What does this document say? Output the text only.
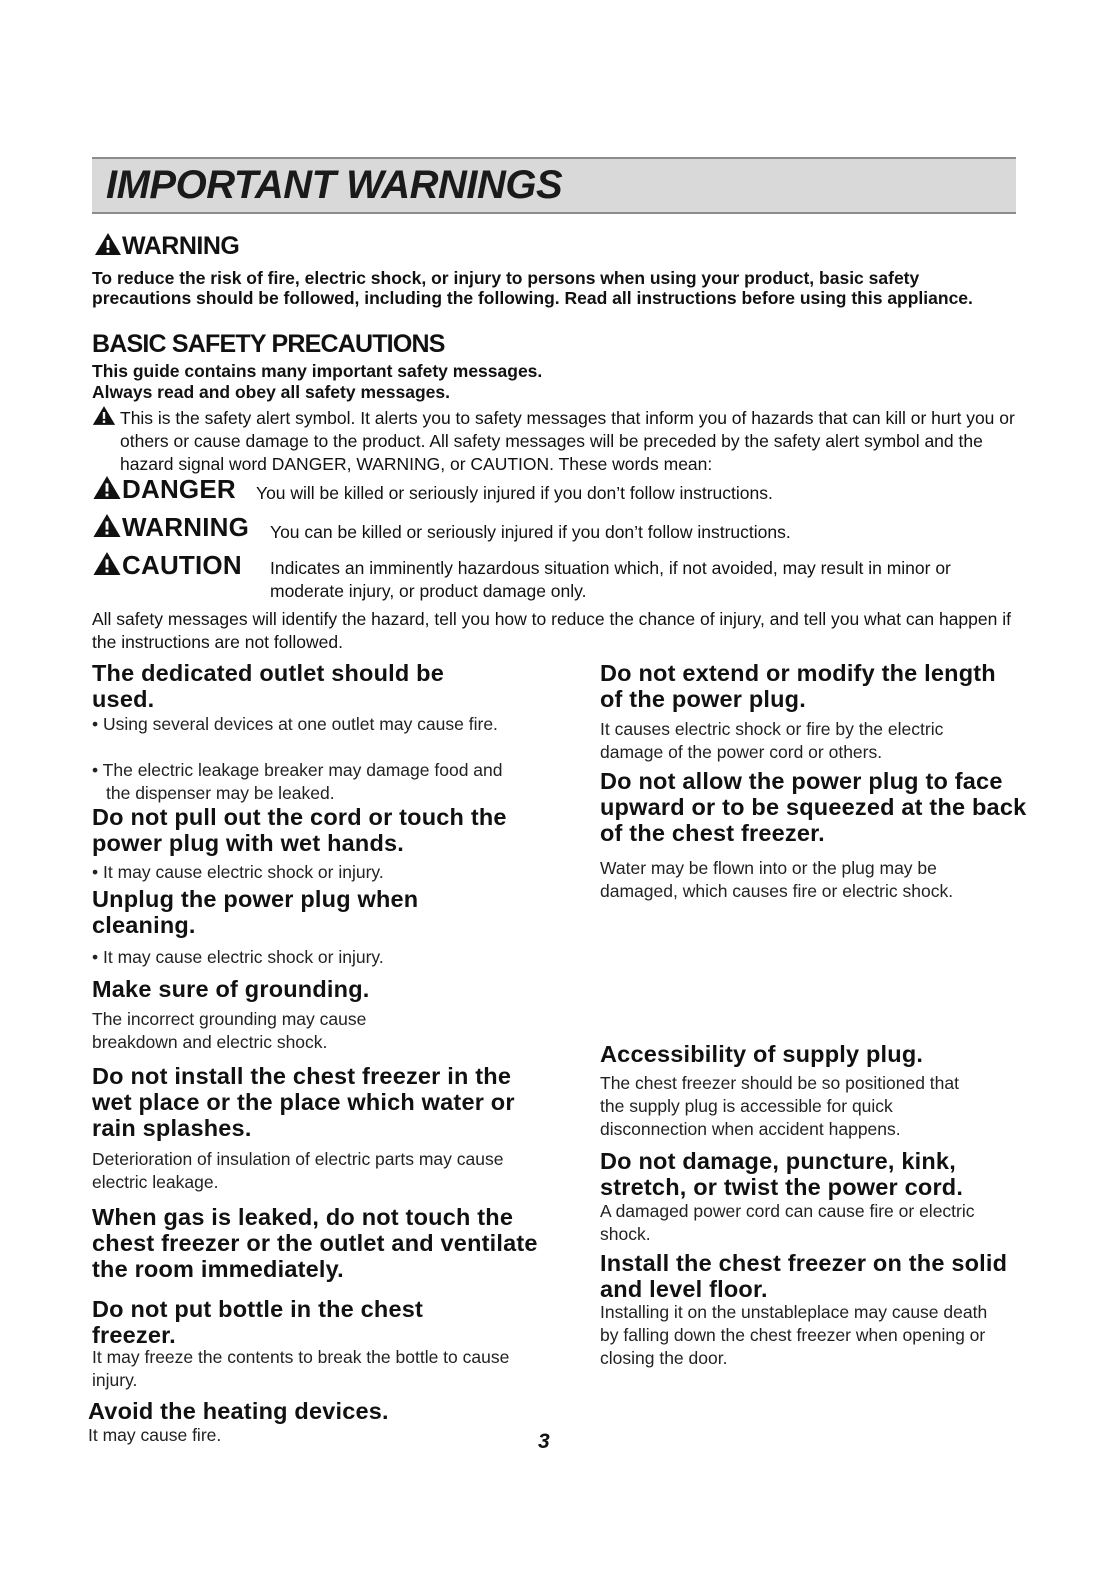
IMPORTANT WARNINGS
WARNING
To reduce the risk of fire, electric shock, or injury to persons when using your product, basic safety precautions should be followed, including the following. Read all instructions before using this appliance.
BASIC SAFETY PRECAUTIONS
This guide contains many important safety messages.
Always read and obey all safety messages.
This is the safety alert symbol. It alerts you to safety messages that inform you of hazards that can kill or hurt you or others or cause damage to the product. All safety messages will be preceded by the safety alert symbol and the hazard signal word DANGER, WARNING, or CAUTION. These words mean:
DANGER You will be killed or seriously injured if you don’t follow instructions.
WARNING You can be killed or seriously injured if you don’t follow instructions.
CAUTION Indicates an imminently hazardous situation which, if not avoided, may result in minor or moderate injury, or product damage only.
All safety messages will identify the hazard, tell you how to reduce the chance of injury, and tell you what can happen if the instructions are not followed.
The dedicated outlet should be used.
• Using several devices at one outlet may cause fire.
• The electric leakage breaker may damage food and the dispenser may be leaked.
Do not pull out the cord or touch the power plug with wet hands.
• It may cause electric shock or injury.
Unplug the power plug when cleaning.
• It may cause electric shock or injury.
Make sure of grounding.
The incorrect grounding may cause breakdown and electric shock.
Do not install the chest freezer in the wet place or the place which water or rain splashes.
Deterioration of insulation of electric parts may cause electric leakage.
When gas is leaked, do not touch the chest freezer or the outlet and ventilate the room immediately.
Do not put bottle in the chest freezer.
It may freeze the contents to break the bottle to cause injury.
Avoid the heating devices.
It may cause fire.
Do not extend or modify the length of the power plug.
It causes electric shock or fire by the electric damage of the power cord or others.
Do not allow the power plug to face upward or to be squeezed at the back of the chest freezer.
Water may be flown into or the plug may be damaged, which causes fire or electric shock.
Accessibility of supply plug.
The chest freezer should be so positioned that the supply plug is accessible for quick disconnection when accident happens.
Do not damage, puncture, kink, stretch, or twist the power cord.
A damaged power cord can cause fire or electric shock.
Install the chest freezer on the solid and level floor.
Installing it on the unstableplace may cause death by falling down the chest freezer when opening or closing the door.
3
